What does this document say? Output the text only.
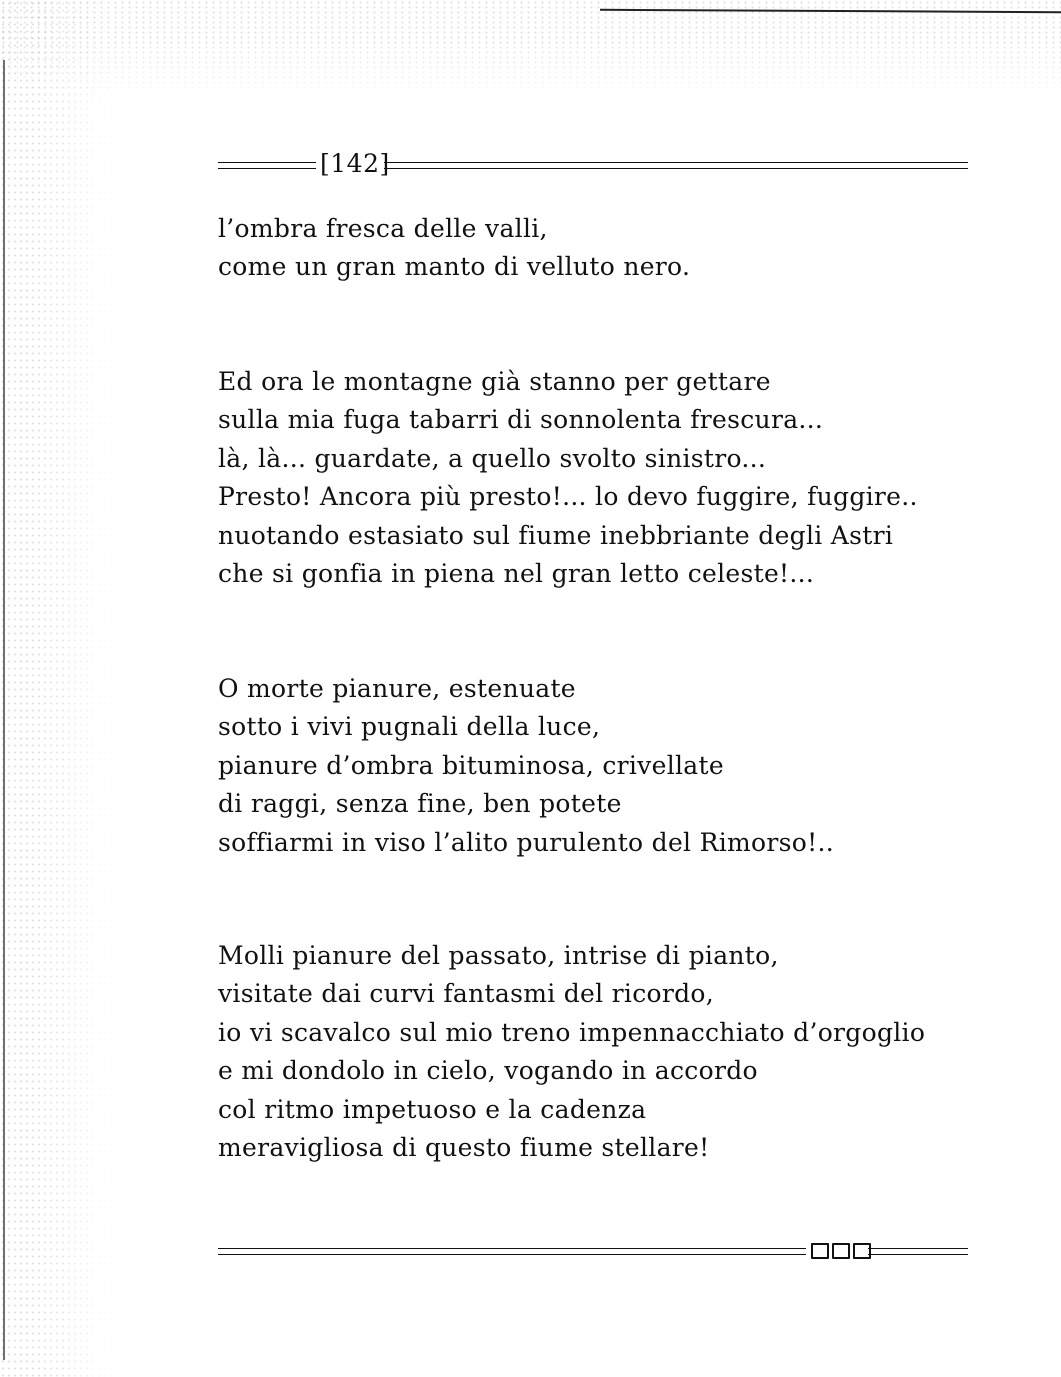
[142]
l’ombra fresca delle valli,
come un gran manto di velluto nero.
Ed ora le montagne già stanno per gettare
sulla mia fuga tabarri di sonnolenta frescura...
là, là... guardate, a quello svolto sinistro...
Presto! Ancora più presto!... lo devo fuggire, fuggire..
nuotando estasiato sul fiume inebbriante degli Astri
che si gonfia in piena nel gran letto celeste!...
O morte pianure, estenuate
sotto i vivi pugnali della luce,
pianure d’ombra bituminosa, crivellate
di raggi, senza fine, ben potete
soffiarmi in viso l’alito purulento del Rimorso!..
Molli pianure del passato, intrise di pianto,
visitate dai curvi fantasmi del ricordo,
io vi scavalco sul mio treno impennacchiato d’orgoglio
e mi dondolo in cielo, vogando in accordo
col ritmo impetuoso e la cadenza
meravigliosa di questo fiume stellare!
